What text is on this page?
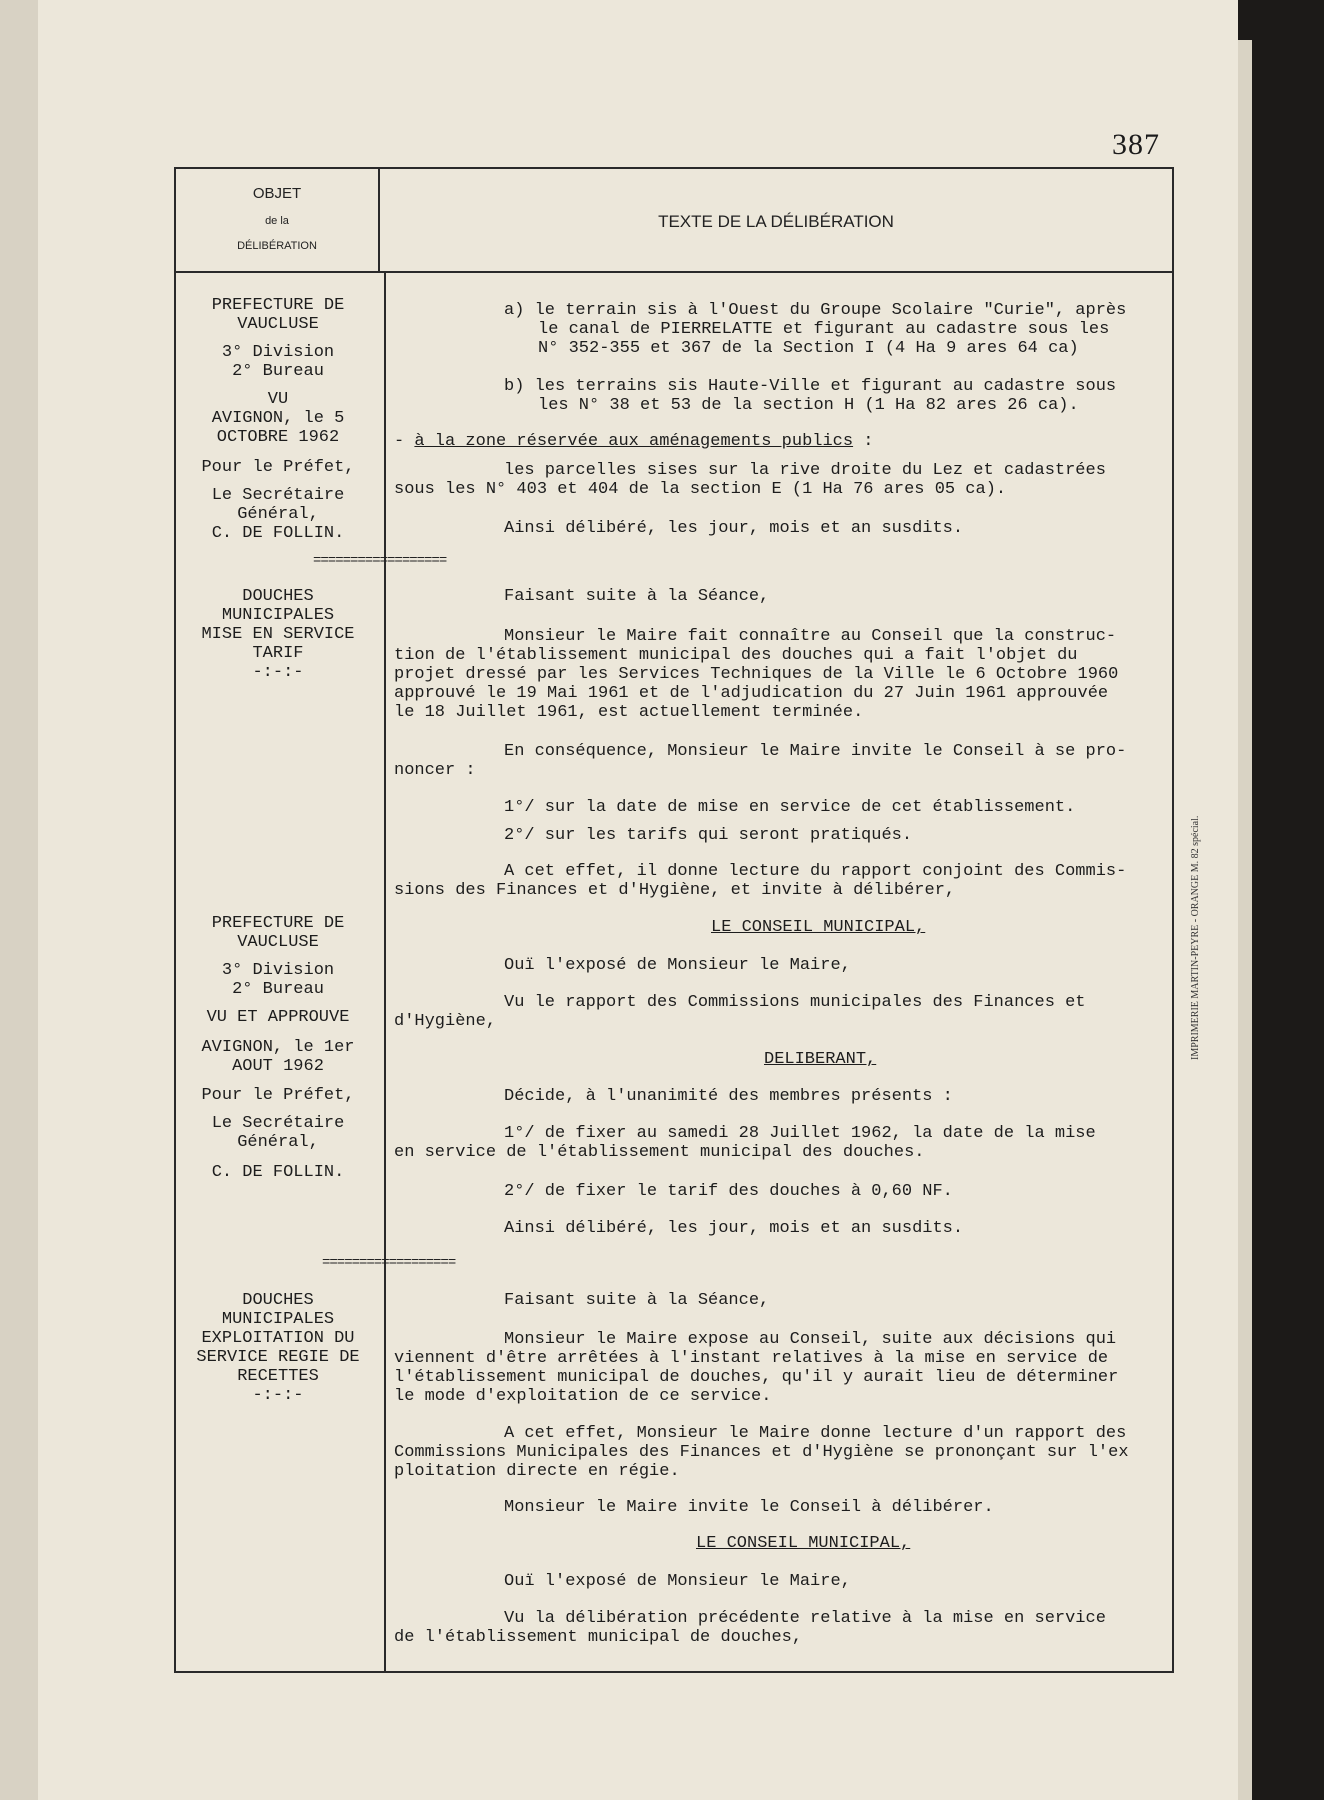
387
OBJET
de la
DÉLIBÉRATION
TEXTE DE LA DÉLIBÉRATION
PREFECTURE DE
VAUCLUSE
3° Division
2° Bureau
VU
AVIGNON, le 5
OCTOBRE 1962
Pour le Préfet,
Le Secrétaire
Général,
C. DE FOLLIN.
==================
DOUCHES
MUNICIPALES
MISE EN SERVICE
TARIF
-:-:-
PREFECTURE DE
VAUCLUSE
3° Division
2° Bureau
VU ET APPROUVE
AVIGNON, le 1er
AOUT 1962
Pour le Préfet,
Le Secrétaire
Général,
C. DE FOLLIN.
==================
DOUCHES
MUNICIPALES
EXPLOITATION DU
SERVICE REGIE DE
RECETTES
-:-:-
a) le terrain sis à l'Ouest du Groupe Scolaire "Curie", après
le canal de PIERRELATTE et figurant au cadastre sous les
N° 352-355 et 367 de la Section I (4 Ha 9 ares 64 ca)
b) les terrains sis Haute-Ville et figurant au cadastre sous
les N° 38 et 53 de la section H (1 Ha 82 ares 26 ca).
- à la zone réservée aux aménagements publics :
les parcelles sises sur la rive droite du Lez et cadastrées
sous les N° 403 et 404 de la section E (1 Ha 76 ares 05 ca).
Ainsi délibéré, les jour, mois et an susdits.
Faisant suite à la Séance,
Monsieur le Maire fait connaître au Conseil que la construc-
tion de l'établissement municipal des douches qui a fait l'objet du
projet dressé par les Services Techniques de la Ville le 6 Octobre 1960
approuvé le 19 Mai 1961 et de l'adjudication du 27 Juin 1961 approuvée
le 18 Juillet 1961, est actuellement terminée.
En conséquence, Monsieur le Maire invite le Conseil à se pro-
noncer :
1°/ sur la date de mise en service de cet établissement.
2°/ sur les tarifs qui seront pratiqués.
A cet effet, il donne lecture du rapport conjoint des Commis-
sions des Finances et d'Hygiène, et invite à délibérer,
LE CONSEIL MUNICIPAL,
Ouï l'exposé de Monsieur le Maire,
Vu le rapport des Commissions municipales des Finances et
d'Hygiène,
DELIBERANT,
Décide, à l'unanimité des membres présents :
1°/ de fixer au samedi 28 Juillet 1962, la date de la mise
en service de l'établissement municipal des douches.
2°/ de fixer le tarif des douches à 0,60 NF.
Ainsi délibéré, les jour, mois et an susdits.
Faisant suite à la Séance,
Monsieur le Maire expose au Conseil, suite aux décisions qui
viennent d'être arrêtées à l'instant relatives à la mise en service de
l'établissement municipal de douches, qu'il y aurait lieu de déterminer
le mode d'exploitation de ce service.
A cet effet, Monsieur le Maire donne lecture d'un rapport des
Commissions Municipales des Finances et d'Hygiène se prononçant sur l'ex
ploitation directe en régie.
Monsieur le Maire invite le Conseil à délibérer.
LE CONSEIL MUNICIPAL,
Ouï l'exposé de Monsieur le Maire,
Vu la délibération précédente relative à la mise en service
de l'établissement municipal de douches,
IMPRIMERIE MARTIN-PEYRE - ORANGE M. 82 spécial.
